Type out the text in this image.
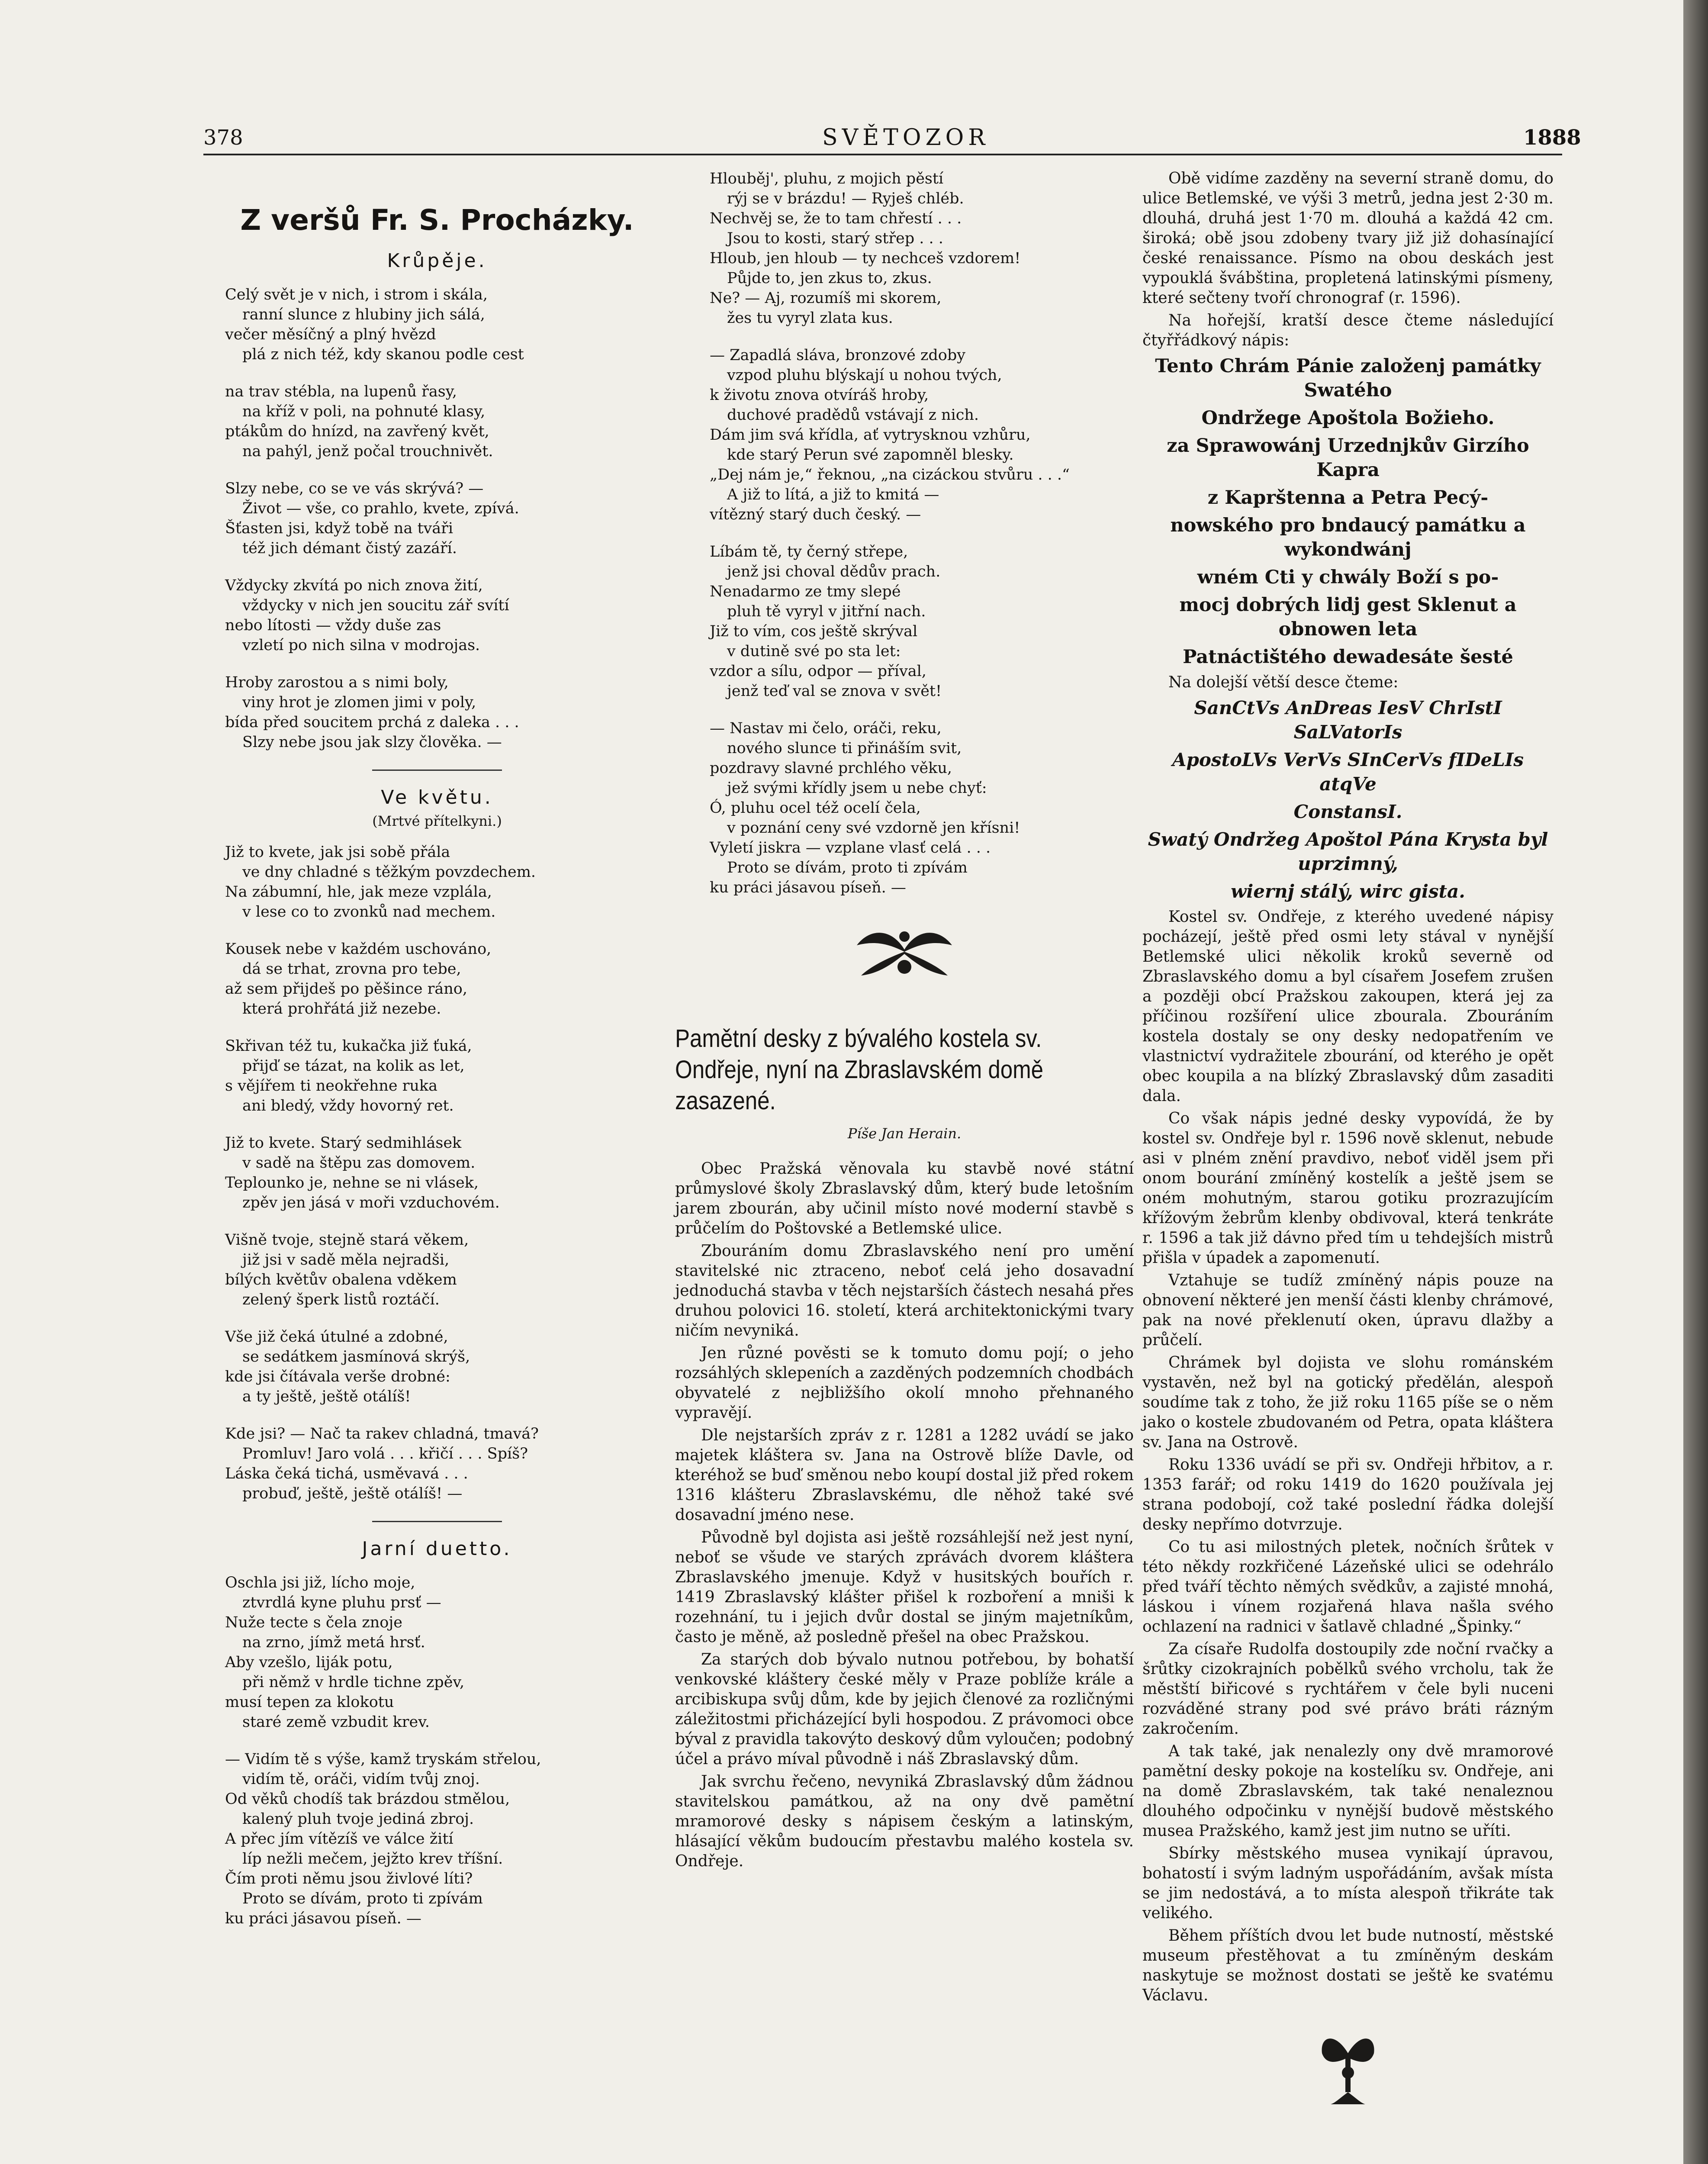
378	SVĚTOZOR	1888
Z veršů Fr. S. Procházky.
Krůpěje.
Celý svět je v nich, i strom i skála,
ranní slunce z hlubiny jich sálá,
večer měsíčný a plný hvězd
plá z nich též, kdy skanou podle cest
na trav stébla, na lupenů řasy,
na kříž v poli, na pohnuté klasy,
ptákům do hnízd, na zavřený květ,
na pahýl, jenž počal trouchnivět.
Slzy nebe, co se ve vás skrývá? —
Život — vše, co prahlo, kvete, zpívá.
Šťasten jsi, když tobě na tváři
též jich démant čistý zazáří.
Vždycky zkvítá po nich znova žití,
vždycky v nich jen soucitu zář svítí
nebo lítosti — vždy duše zas
vzletí po nich silna v modrojas.
Hroby zarostou a s nimi boly,
viny hrot je zlomen jimi v poly,
bída před soucitem prchá z daleka . . .
Slzy nebe jsou jak slzy člověka. —
Ve květu.
(Mrtvé přítelkyni.)
Již to kvete, jak jsi sobě přála
ve dny chladné s těžkým povzdechem.
Na zábumní, hle, jak meze vzplála,
v lese co to zvonků nad mechem.
Kousek nebe v každém uschováno,
dá se trhat, zrovna pro tebe,
až sem přijdeš po pěšince ráno,
která prohřátá již nezebe.
Skřivan též tu, kukačka již ťuká,
přijď se tázat, na kolik as let,
s vějířem ti neokřehne ruka
ani bledý, vždy hovorný ret.
Již to kvete. Starý sedmihlásek
v sadě na štěpu zas domovem.
Teplounko je, nehne se ni vlásek,
zpěv jen jásá v moři vzduchovém.
Višně tvoje, stejně stará věkem,
již jsi v sadě měla nejradši,
bílých květův obalena vděkem
zelený šperk listů roztáčí.
Vše již čeká útulné a zdobné,
se sedátkem jasmínová skrýš,
kde jsi čítávala verše drobné:
a ty ještě, ještě otálíš!
Kde jsi? — Nač ta rakev chladná, tmavá?
Promluv! Jaro volá . . . křičí . . . Spíš?
Láska čeká tichá, usměvavá . . .
probuď, ještě, ještě otálíš! —
Jarní duetto.
Oschla jsi již, lícho moje,
ztvrdlá kyne pluhu prsť —
Nuže tecte s čela znoje
na zrno, jímž metá hrsť.
Aby vzešlo, liják potu,
při němž v hrdle tichne zpěv,
musí tepen za klokotu
staré země vzbudit krev.
— Vidím tě s výše, kamž tryskám střelou,
vidím tě, oráči, vidím tvůj znoj.
Od věků chodíš tak brázdou stmělou,
kalený pluh tvoje jediná zbroj.
A přec jím vítězíš ve válce žití
líp nežli mečem, jejžto krev tříšní.
Čím proti němu jsou živlové líti?
Proto se dívám, proto ti zpívám
ku práci jásavou píseň. —
Hlouběj', pluhu, z mojich pěstí
rýj se v brázdu! — Ryješ chléb.
Nechvěj se, že to tam chřestí . . .
Jsou to kosti, starý střep . . .
Hloub, jen hloub — ty nechceš vzdorem!
Půjde to, jen zkus to, zkus.
Ne? — Aj, rozumíš mi skorem,
žes tu vyryl zlata kus.
— Zapadlá sláva, bronzové zdoby
vzpod pluhu blýskají u nohou tvých,
k životu znova otvíráš hroby,
duchové pradědů vstávají z nich.
Dám jim svá křídla, ať vytrysknou vzhůru,
kde starý Perun své zapomněl blesky.
„Dej nám je,“ řeknou, „na cizáckou stvůru . . .“
A již to lítá, a již to kmitá —
vítězný starý duch český. —
Líbám tě, ty černý střepe,
jenž jsi choval dědův prach.
Nenadarmo ze tmy slepé
pluh tě vyryl v jitřní nach.
Již to vím, cos ještě skrýval
v dutině své po sta let:
vzdor a sílu, odpor — příval,
jenž teď val se znova v svět!
— Nastav mi čelo, oráči, reku,
nového slunce ti přináším svit,
pozdravy slavné prchlého věku,
jež svými křídly jsem u nebe chyť:
Ó, pluhu ocel též ocelí čela,
v poznání ceny své vzdorně jen křísni!
Vyletí jiskra — vzplane vlasť celá . . .
Proto se dívám, proto ti zpívám
ku práci jásavou píseň. —
Pamětní desky z bývalého kostela sv. Ondřeje, nyní na Zbraslavském domě zasazené.
Píše Jan Herain.

Obec Pražská věnovala ku stavbě nové státní průmyslové školy Zbraslavský dům, který bude letošním jarem zbourán, aby učinil místo nové moderní stavbě s průčelím do Poštovské a Betlemské ulice.

Zbouráním domu Zbraslavského není pro umění stavitelské nic ztraceno, neboť celá jeho dosavadní jednoduchá stavba v těch nejstarších částech nesahá přes druhou polovici 16. století, která architektonickými tvary ničím nevyniká.

Jen různé pověsti se k tomuto domu pojí; o jeho rozsáhlých sklepeních a zazděných podzemních chodbách obyvatelé z nejbližšího okolí mnoho přehnaného vypravějí.

Dle nejstarších zpráv z r. 1281 a 1282 uvádí se jako majetek kláštera sv. Jana na Ostrově blíže Davle, od kteréhož se buď směnou nebo koupí dostal již před rokem 1316 klášteru Zbraslavskému, dle něhož také své dosavadní jméno nese.

Původně byl dojista asi ještě rozsáhlejší než jest nyní, neboť se všude ve starých zprávách dvorem kláštera Zbraslavského jmenuje. Když v husitských bouřích r. 1419 Zbraslavský klášter přišel k rozboření a mniši k rozehnání, tu i jejich dvůr dostal se jiným majetníkům, často je měně, až posledně přešel na obec Pražskou.

Za starých dob bývalo nutnou potřebou, by bohatší venkovské kláštery české měly v Praze poblíže krále a arcibiskupa svůj dům, kde by jejich členové za rozličnými záležitostmi přicházející byli hospodou. Z právomoci obce býval z pravidla takovýto deskový dům vyloučen; podobný účel a právo míval původně i náš Zbraslavský dům.

Jak svrchu řečeno, nevyniká Zbraslavský dům žádnou stavitelskou památkou, až na ony dvě pamětní mramorové desky s nápisem českým a latinským, hlásající věkům budoucím přestavbu malého kostela sv. Ondřeje.

Obě vidíme zazděny na severní straně domu, do ulice Betlemské, ve výši 3 metrů, jedna jest 2·30 m. dlouhá, druhá jest 1·70 m. dlouhá a každá 42 cm. široká; obě jsou zdobeny tvary již již dohasínající české renaissance. Písmo na obou deskách jest vypouklá švábština, propletená latinskými písmeny, které sečteny tvoří chronograf (r. 1596).

Na hořejší, kratší desce čteme následující čtyřřádkový nápis:

Tento Chrám Pánie založenj památky Swatého
Ondržege Apoštola Božieho.
za Sprawowánj Urzednjkův Girzího Kapra
z Kaprštenna a Petra Pecý-
nowského pro bndaucý památku a wykondwánj
wném Cti y chwály Boží s po-
mocj dobrých lidj gest Sklenut a obnowen leta
Patnáctištého dewadesáte šesté

Na dolejší větší desce čteme:

SanCtVs AnDreas IesV ChrIstI SaLVatorIs
ApostoLVs VerVs SInCerVs fIDeLIs atqVe
ConstansI.
Swatý Ondržeg Apoštol Pána Krysta byl uprzimný,
wiernj stálý, wirc gista.

Kostel sv. Ondřeje, z kterého uvedené nápisy pocházejí, ještě před osmi lety stával v nynější Betlemské ulici několik kroků severně od Zbraslavského domu a byl císařem Josefem zrušen a později obcí Pražskou zakoupen, která jej za příčinou rozšíření ulice zbourala. Zbouráním kostela dostaly se ony desky nedopatřením ve vlastnictví vydražitele zbourání, od kterého je opět obec koupila a na blízký Zbraslavský dům zasaditi dala.

Co však nápis jedné desky vypovídá, že by kostel sv. Ondřeje byl r. 1596 nově sklenut, nebude asi v plném znění pravdivo, neboť viděl jsem při onom bourání zmíněný kostelík a ještě jsem se oném mohutným, starou gotiku prozrazujícím křížovým žebrům klenby obdivoval, která tenkráte r. 1596 a tak již dávno před tím u tehdejších mistrů přišla v úpadek a zapomenutí.

Vztahuje se tudíž zmíněný nápis pouze na obnovení některé jen menší části klenby chrámové, pak na nové překlenutí oken, úpravu dlažby a průčelí.

Chrámek byl dojista ve slohu románském vystavěn, než byl na gotický předělán, alespoň soudíme tak z toho, že již roku 1165 píše se o něm jako o kostele zbudovaném od Petra, opata kláštera sv. Jana na Ostrově.

Roku 1336 uvádí se při sv. Ondřeji hřbitov, a r. 1353 farář; od roku 1419 do 1620 používala jej strana podobojí, což také poslední řádka dolejší desky nepřímo dotvrzuje.

Co tu asi milostných pletek, nočních šrůtek v této někdy rozkřičené Lázeňské ulici se odehrálo před tváří těchto němých svědkův, a zajisté mnohá, láskou i vínem rozjařená hlava našla svého ochlazení na radnici v šatlavě chladné „Špinky.“

Za císaře Rudolfa dostoupily zde noční rvačky a šrůtky cizokrajních pobělků svého vrcholu, tak že městští biřicové s rychtářem v čele byli nuceni rozváděné strany pod své právo bráti rázným zakročením.

A tak také, jak nenalezly ony dvě mramorové pamětní desky pokoje na kostelíku sv. Ondřeje, ani na domě Zbraslavském, tak také nenaleznou dlouhého odpočinku v nynější budově městského musea Pražského, kamž jest jim nutno se uříti.

Sbírky městského musea vynikají úpravou, bohatostí i svým ladným uspořádáním, avšak místa se jim nedostává, a to místa alespoň třikráte tak velikého.

Během příštích dvou let bude nutností, městské museum přestěhovat a tu zmíněným deskám naskytuje se možnost dostati se ještě ke svatému Václavu.
